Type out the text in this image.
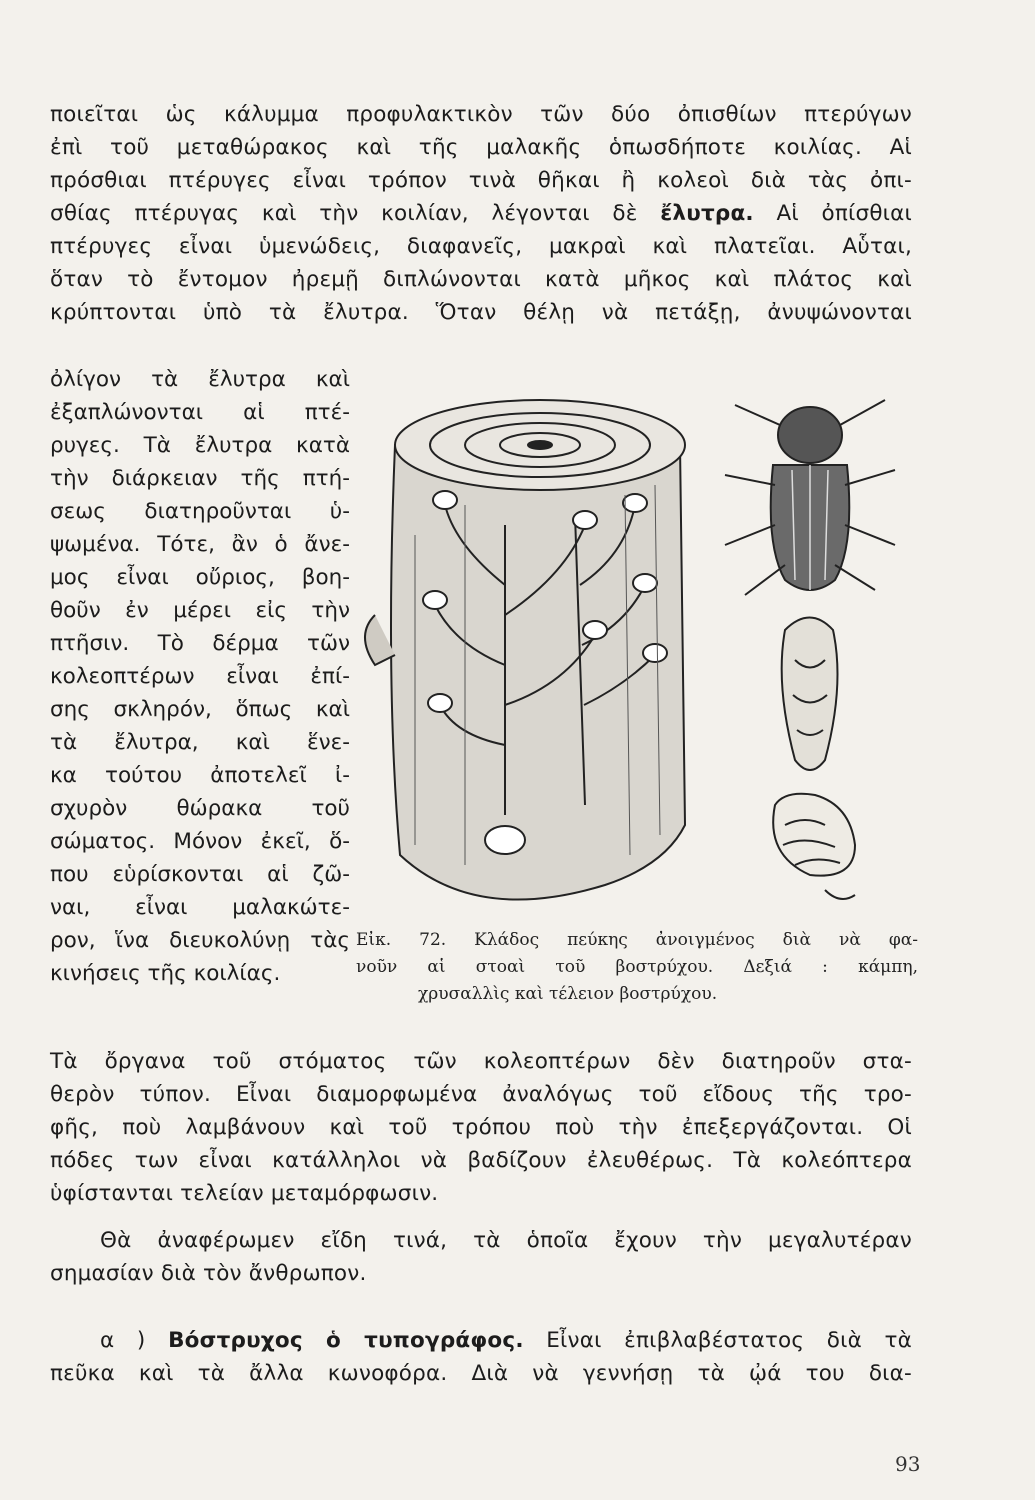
ποιεῖται ὡς κάλυμμα προφυλακτικὸν τῶν δύο ὀπισθίων πτερύγων
ἐπὶ τοῦ μεταθώρακος καὶ τῆς μαλακῆς ὁπωσδήποτε κοιλίας. Αἱ
πρόσθιαι πτέρυγες εἶναι τρόπον τινὰ θῆκαι ἢ κολεοὶ διὰ τὰς ὀπι-
σθίας πτέρυγας καὶ τὴν κοιλίαν, λέγονται δὲ ἔλυτρα. Αἱ ὀπίσθιαι
πτέρυγες εἶναι ὑμενώδεις, διαφανεῖς, μακραὶ καὶ πλατεῖαι. Αὗται,
ὅταν τὸ ἔντομον ἠρεμῇ διπλώνονται κατὰ μῆκος καὶ πλάτος καὶ
κρύπτονται ὑπὸ τὰ ἔλυτρα. Ὅταν θέλῃ νὰ πετάξῃ, ἀνυψώνονται
ὀλίγον τὰ ἔλυτρα καὶ
ἐξαπλώνονται αἱ πτέ-
ρυγες. Τὰ ἔλυτρα κατὰ
τὴν διάρκειαν τῆς πτή-
σεως διατηροῦνται ὑ-
ψωμένα. Τότε, ἂν ὁ ἄνε-
μος εἶναι οὔριος, βοη-
θοῦν ἐν μέρει εἰς τὴν
πτῆσιν. Τὸ δέρμα τῶν
κολεοπτέρων εἶναι ἐπί-
σης σκληρόν, ὅπως καὶ
τὰ ἔλυτρα, καὶ ἕνε-
κα τούτου ἀποτελεῖ ἰ-
σχυρὸν θώρακα τοῦ
σώματος. Μόνον ἐκεῖ, ὅ-
που εὑρίσκονται αἱ ζῶ-
ναι, εἶναι μαλακώτε-
ρον, ἵνα διευκολύνῃ τὰς
κινήσεις τῆς κοιλίας.
Εἰκ. 72. Κλάδος πεύκης ἀνοιγμένος διὰ νὰ φα-
νοῦν αἱ στοαὶ τοῦ βοστρύχου. Δεξιά : κάμπη,
χρυσαλλὶς καὶ τέλειον βοστρύχου.
Τὰ ὄργανα τοῦ στόματος τῶν κολεοπτέρων δὲν διατηροῦν στα-
θερὸν τύπον. Εἶναι διαμορφωμένα ἀναλόγως τοῦ εἴδους τῆς τρο-
φῆς, ποὺ λαμβάνουν καὶ τοῦ τρόπου ποὺ τὴν ἐπεξεργάζονται. Οἱ
πόδες των εἶναι κατάλληλοι νὰ βαδίζουν ἐλευθέρως. Τὰ κολεόπτερα
ὑφίστανται τελείαν μεταμόρφωσιν.
Θὰ ἀναφέρωμεν εἴδη τινά, τὰ ὁποῖα ἔχουν τὴν μεγαλυτέραν
σημασίαν διὰ τὸν ἄνθρωπον.
α ) Βόστρυχος ὁ τυπογράφος. Εἶναι ἐπιβλαβέστατος διὰ τὰ
πεῦκα καὶ τὰ ἄλλα κωνοφόρα. Διὰ νὰ γεννήσῃ τὰ ᾠά του δια-
93
